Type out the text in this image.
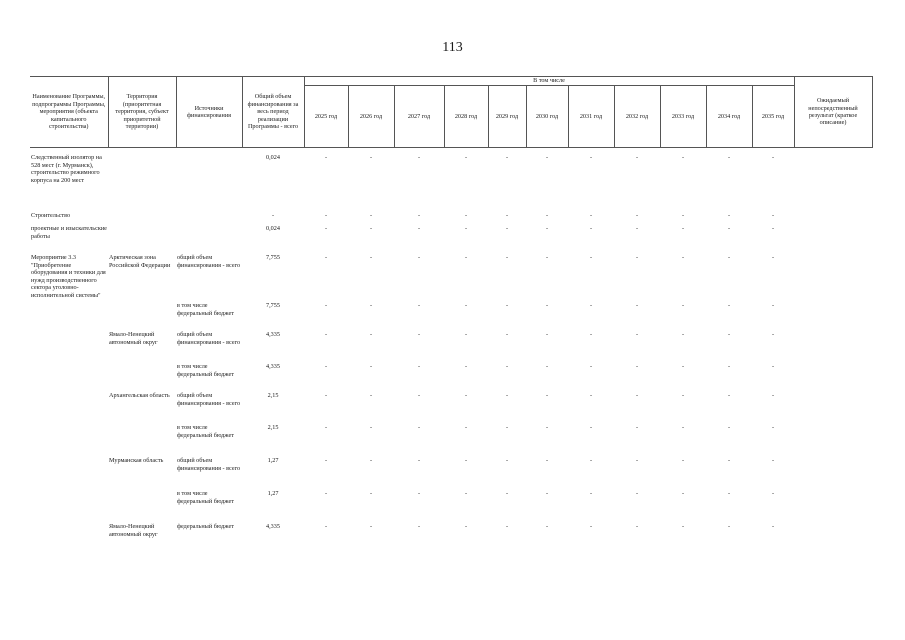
113
Наименование Программы, подпрограммы Программы, мероприятия (объекта капитального строительства)	Территория (приоритетная территория, субъект приоритетной территории)	Источники финансирования	Общий объем финансирования за весь период реализации Программы - всего	В том числе											Ожидаемый непосредственный результат (краткое описание)
				2025 год	2026 год	2027 год	2028 год	2029 год	2030 год	2031 год	2032 год	2033 год	2034 год	2035 год	
Следственный изолятор на 528 мест (г. Мурманск), строительство режимного корпуса на 200 мест			0,024	-	-	-	-	-	-	-	-	-	-	-	
Строительство			-	-	-	-	-	-	-	-	-	-	-	-	
проектные и изыскательские работы			0,024	-	-	-	-	-	-	-	-	-	-	-	
Мероприятие 3.3 "Приобретение оборудования и техники для нужд производственного сектора уголовно-исполнительной системы"	Арктическая зона Российской Федерации	общий объем финансирования - всего	7,755	-	-	-	-	-	-	-	-	-	-	-	
		в том числе федеральный бюджет	7,755	-	-	-	-	-	-	-	-	-	-	-	
	Ямало-Ненецкий автономный округ	общий объем финансирования - всего	4,335	-	-	-	-	-	-	-	-	-	-	-	
		в том числе федеральный бюджет	4,335	-	-	-	-	-	-	-	-	-	-	-	
	Архангельская область	общий объем финансирования - всего	2,15	-	-	-	-	-	-	-	-	-	-	-	
		в том числе федеральный бюджет	2,15	-	-	-	-	-	-	-	-	-	-	-	
	Мурманская область	общий объем финансирования - всего	1,27	-	-	-	-	-	-	-	-	-	-	-	
		в том числе федеральный бюджет	1,27	-	-	-	-	-	-	-	-	-	-	-	
	Ямало-Ненецкий автономный округ	федеральный бюджет	4,335	-	-	-	-	-	-	-	-	-	-	-	
